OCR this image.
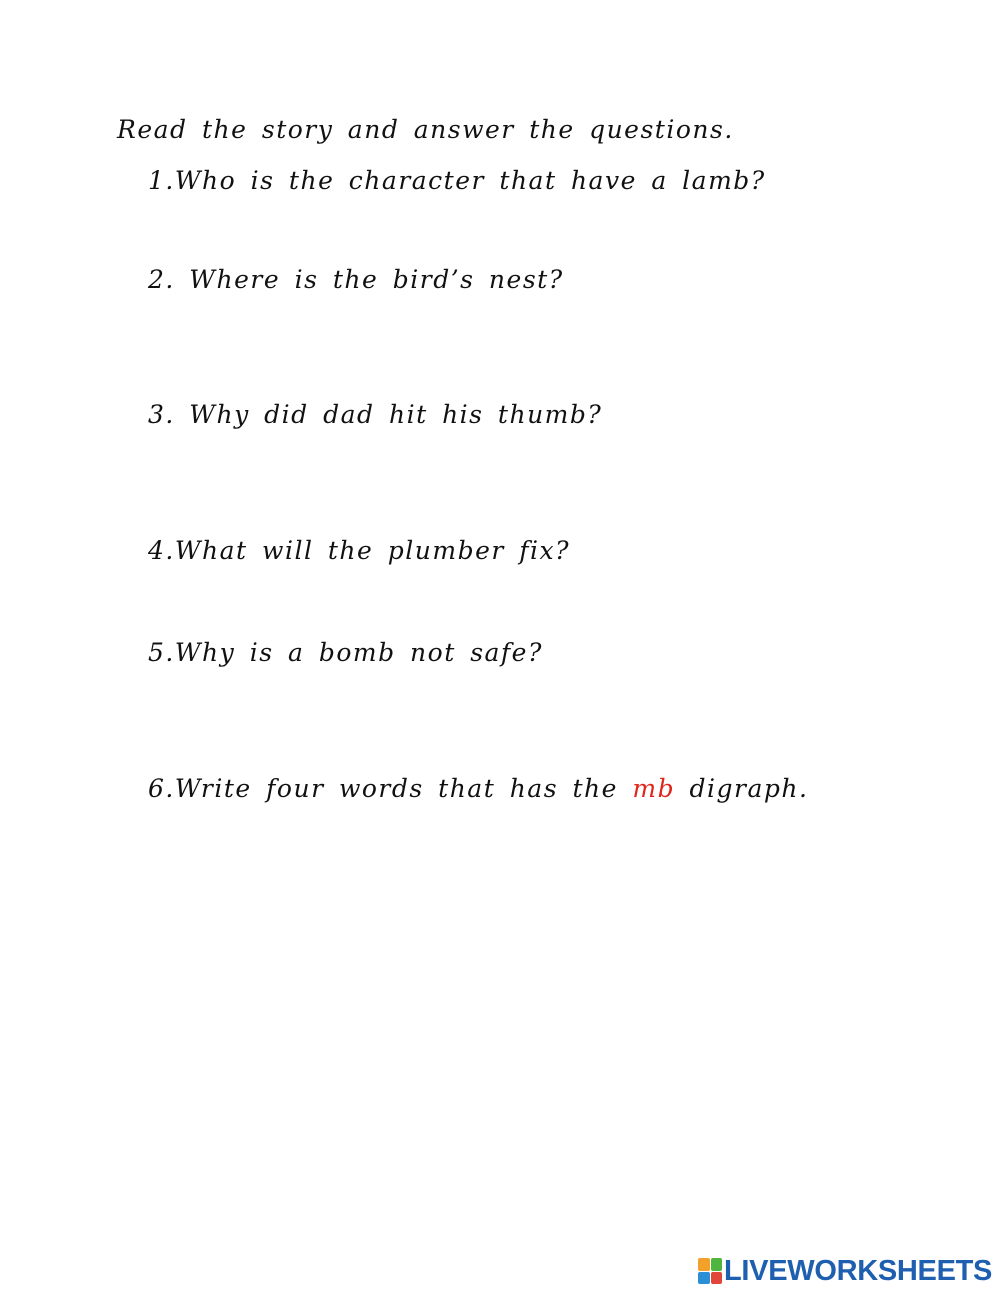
Read the story and answer the questions.
1.Who is the character that have a lamb?
2. Where is the bird’s nest?
3. Why did dad hit his thumb?
4.What will the plumber fix?
5.Why is a bomb not safe?
6.Write four words that has the mb digraph.
LIVEWORKSHEETS
